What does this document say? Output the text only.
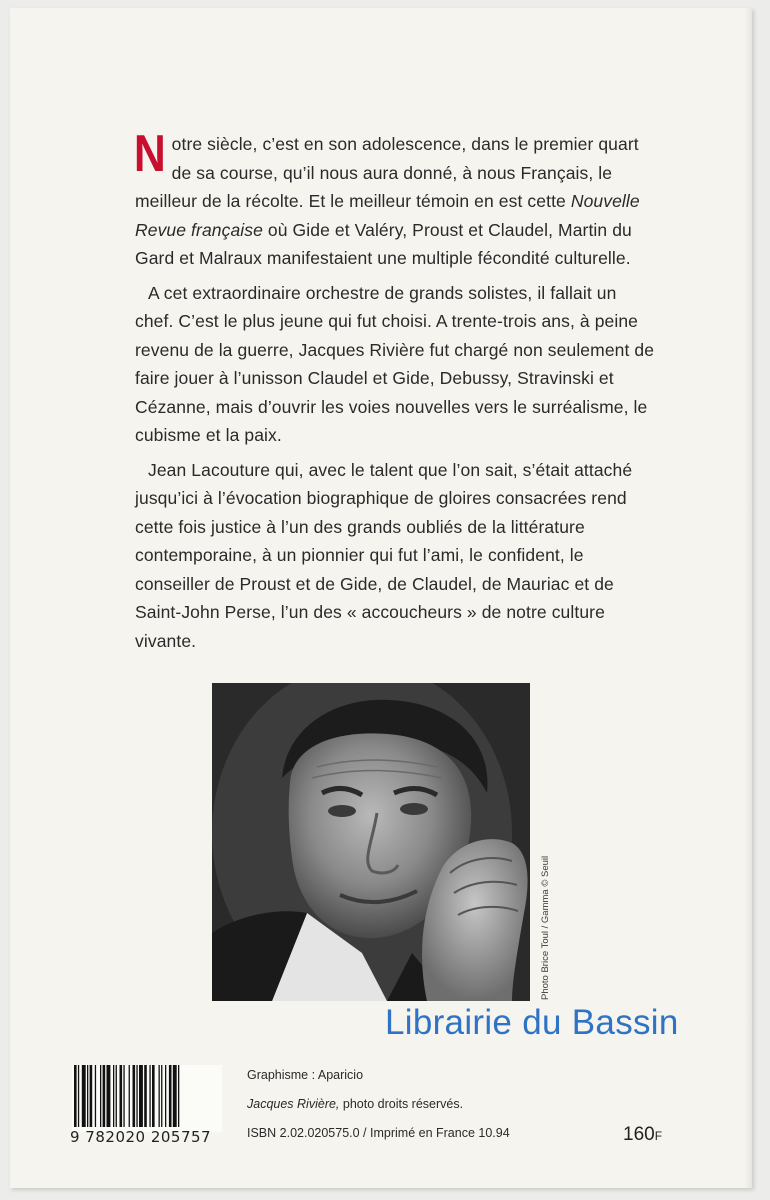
Notre siècle, c’est en son adolescence, dans le premier quart de sa course, qu’il nous aura donné, à nous Français, le meilleur de la récolte. Et le meilleur témoin en est cette Nouvelle Revue française où Gide et Valéry, Proust et Claudel, Martin du Gard et Malraux manifestaient une multiple fécondité culturelle.

A cet extraordinaire orchestre de grands solistes, il fallait un chef. C’est le plus jeune qui fut choisi. A trente-trois ans, à peine revenu de la guerre, Jacques Rivière fut chargé non seulement de faire jouer à l’unisson Claudel et Gide, Debussy, Stravinski et Cézanne, mais d’ouvrir les voies nouvelles vers le surréalisme, le cubisme et la paix.

Jean Lacouture qui, avec le talent que l’on sait, s’était attaché jusqu’ici à l’évocation biographique de gloires consacrées rend cette fois justice à l’un des grands oubliés de la littérature contemporaine, à un pionnier qui fut l’ami, le confident, le conseiller de Proust et de Gide, de Claudel, de Mauriac et de Saint-John Perse, l’un des « accoucheurs » de notre culture vivante.

Photo Brice Toul / Gamma © Seuil
Librairie du Bassin
9 782020 205757
Graphisme : Aparicio
Jacques Rivière, photo droits réservés.
ISBN 2.02.020575.0 / Imprimé en France 10.94	160F
